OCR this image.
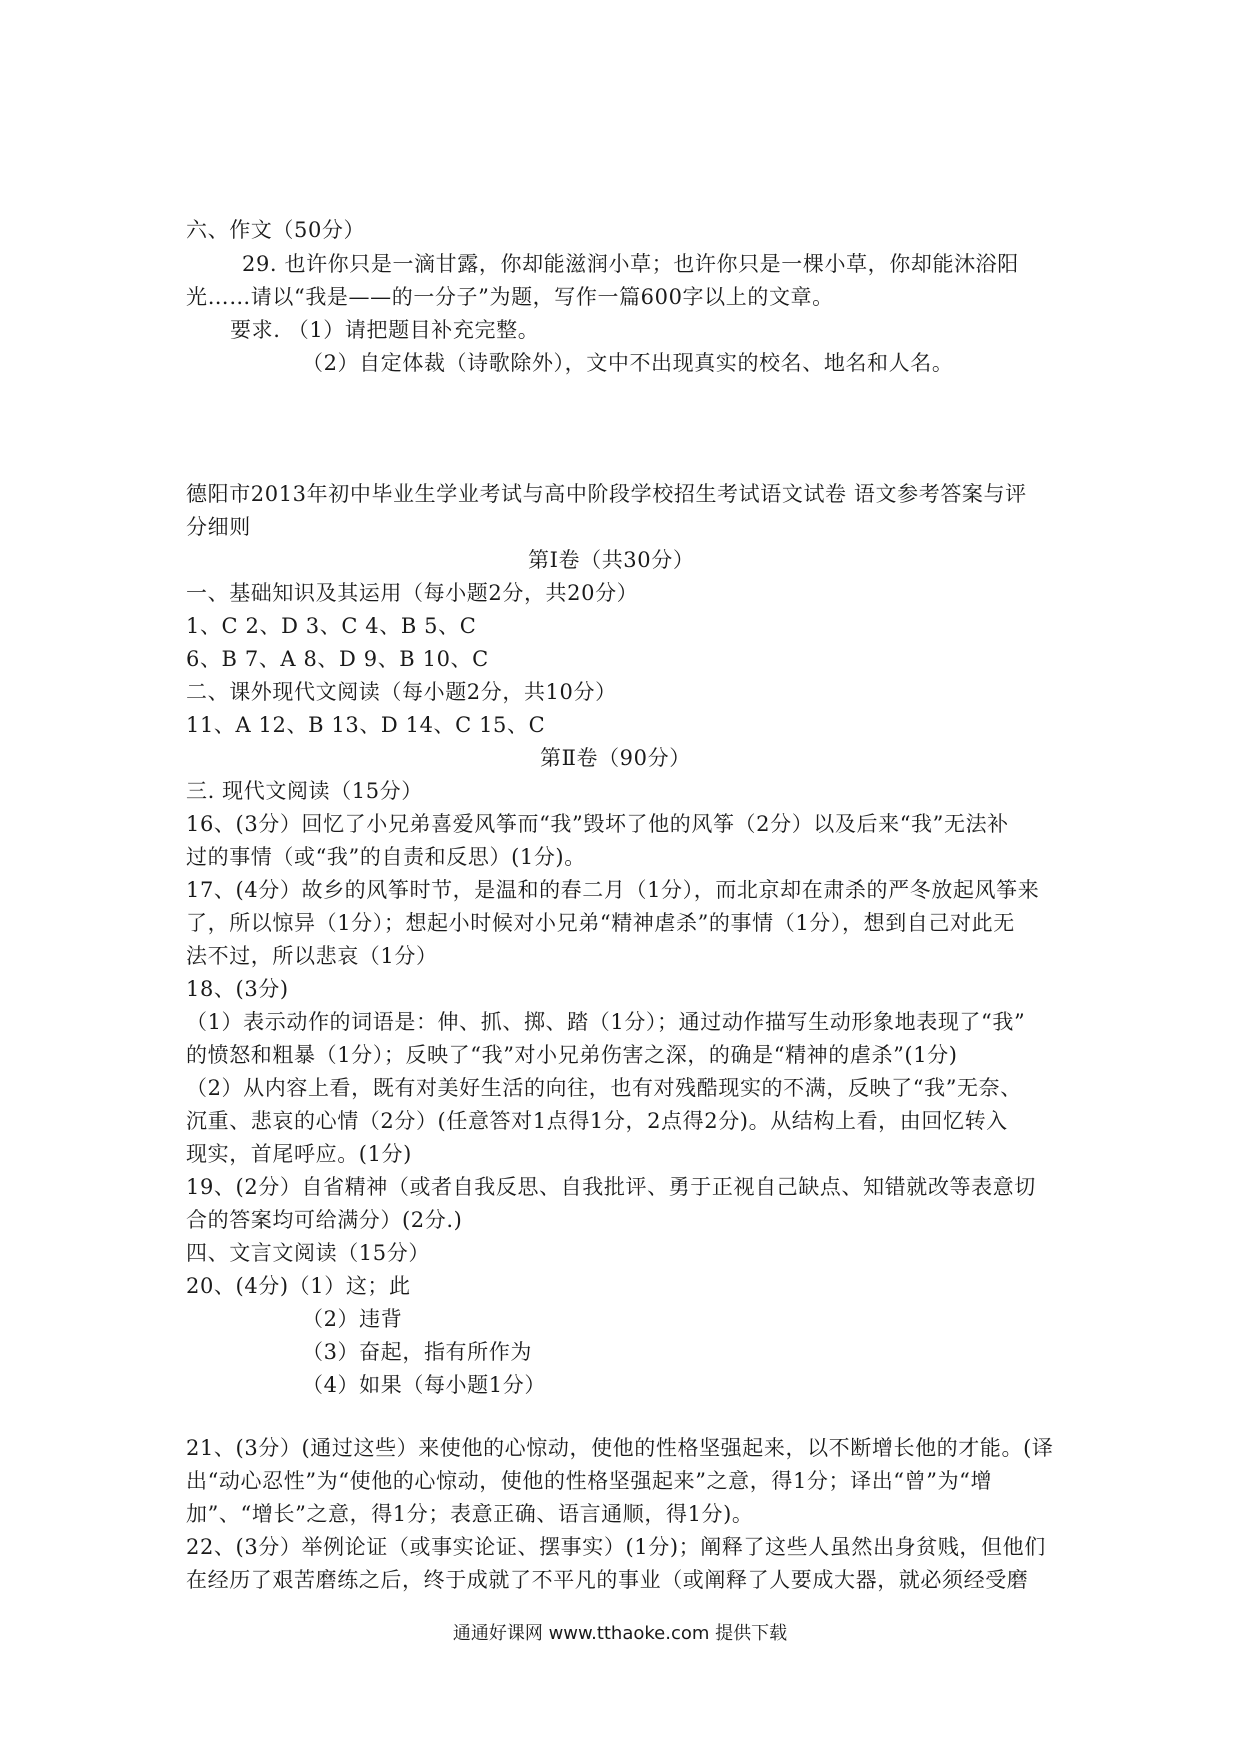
六、作文（50分）
29. 也许你只是一滴甘露，你却能滋润小草；也许你只是一棵小草，你却能沐浴阳
光……请以“我是——的一分子”为题，写作一篇600字以上的文章。
要求. （1）请把题目补充完整。
（2）自定体裁（诗歌除外），文中不出现真实的校名、地名和人名。
德阳市2013年初中毕业生学业考试与高中阶段学校招生考试语文试卷 语文参考答案与评
分细则
第Ⅰ卷（共30分）
一、基础知识及其运用（每小题2分，共20分）
1、C 2、D 3、C 4、B 5、C
6、B 7、A 8、D 9、B 10、C
二、课外现代文阅读（每小题2分，共10分）
11、A 12、B 13、D 14、C 15、C
第Ⅱ卷（90分）
三. 现代文阅读（15分）
16、(3分）回忆了小兄弟喜爱风筝而“我”毁坏了他的风筝（2分）以及后来“我”无法补
过的事情（或“我”的自责和反思）(1分)。
17、(4分）故乡的风筝时节，是温和的春二月（1分），而北京却在肃杀的严冬放起风筝来
了，所以惊异（1分）；想起小时候对小兄弟“精神虐杀”的事情（1分），想到自己对此无
法不过，所以悲哀（1分）
18、(3分)
（1）表示动作的词语是：伸、抓、掷、踏（1分）；通过动作描写生动形象地表现了“我”
的愤怒和粗暴（1分）；反映了“我”对小兄弟伤害之深，的确是“精神的虐杀”(1分)
（2）从内容上看，既有对美好生活的向往，也有对残酷现实的不满，反映了“我”无奈、
沉重、悲哀的心情（2分）(任意答对1点得1分，2点得2分)。从结构上看，由回忆转入
现实，首尾呼应。(1分)
19、(2分）自省精神（或者自我反思、自我批评、勇于正视自己缺点、知错就改等表意切
合的答案均可给满分）(2分.)
四、文言文阅读（15分）
20、(4分)（1）这；此
（2）违背
（3）奋起，指有所作为
（4）如果（每小题1分）
21、(3分）(通过这些）来使他的心惊动，使他的性格坚强起来，以不断增长他的才能。(译
出“动心忍性”为“使他的心惊动，使他的性格坚强起来”之意，得1分；译出“曾”为“增
加”、“增长”之意，得1分；表意正确、语言通顺，得1分)。
22、(3分）举例论证（或事实论证、摆事实）(1分)；阐释了这些人虽然出身贫贱，但他们
在经历了艰苦磨练之后，终于成就了不平凡的事业（或阐释了人要成大器，就必须经受磨
通通好课网 www.tthaoke.com 提供下载
